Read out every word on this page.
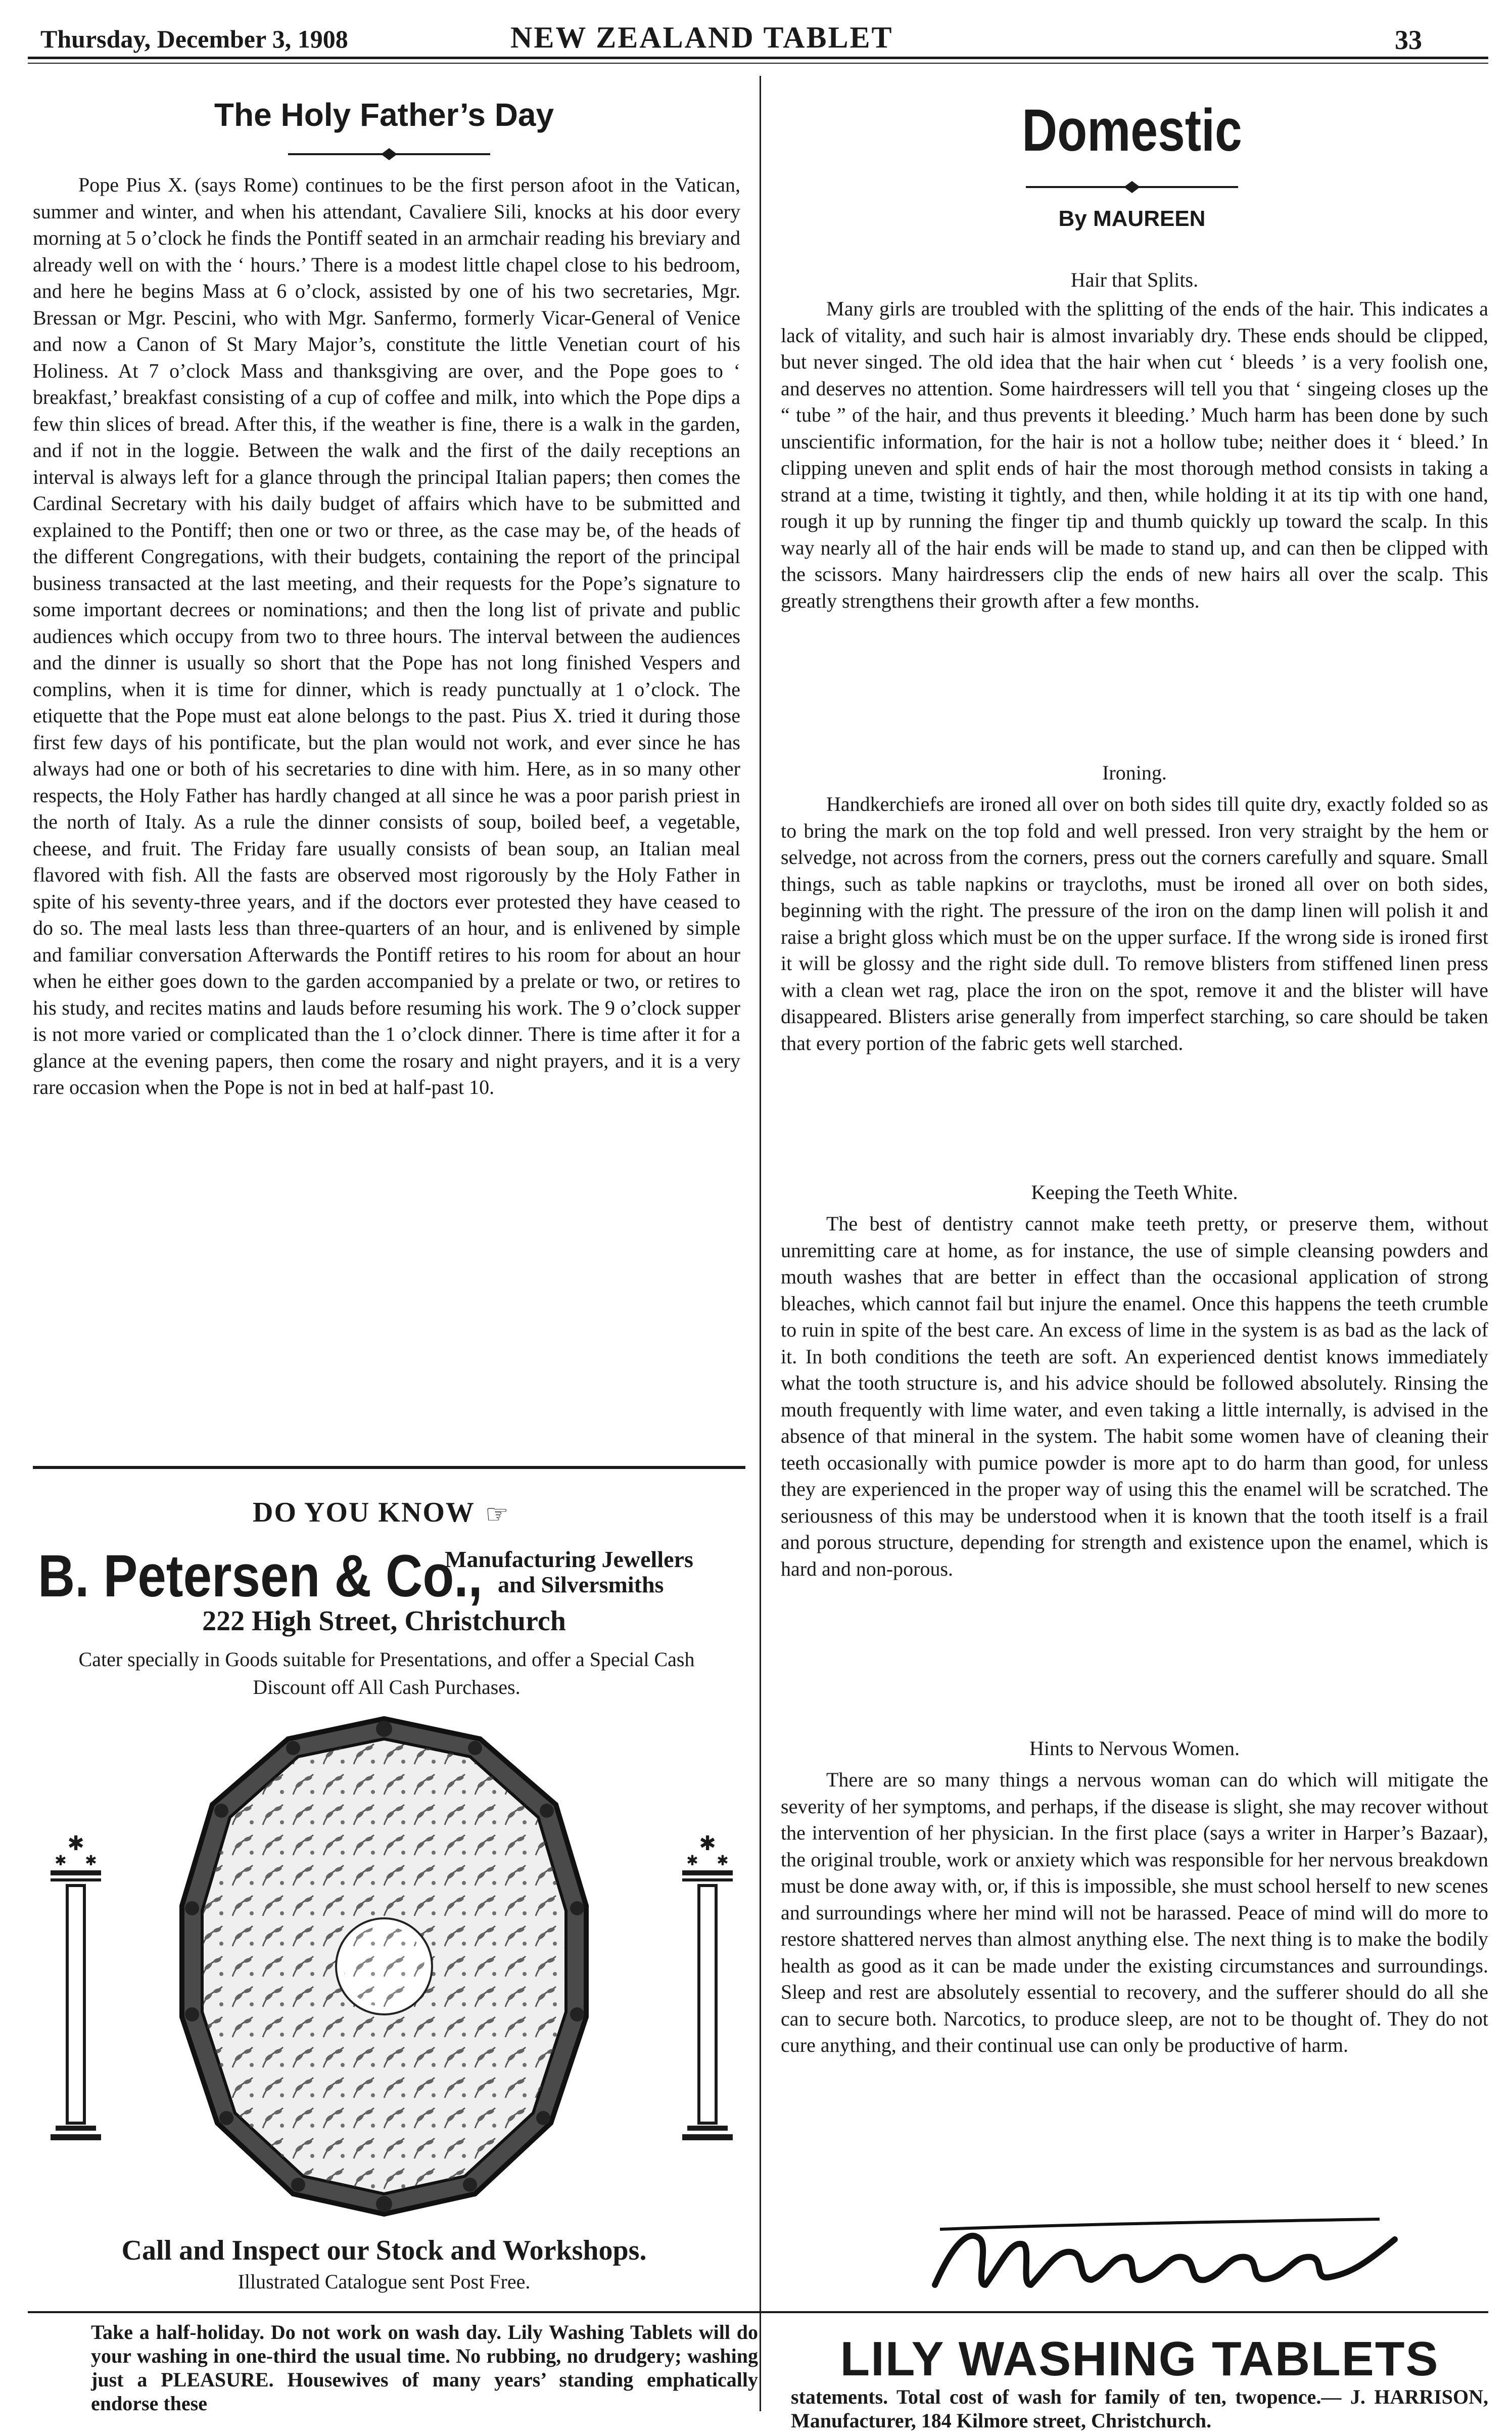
Thursday, December 3, 1908	NEW ZEALAND TABLET	33
The Holy Father’s Day

Pope Pius X. (says Rome) continues to be the first person afoot in the Vatican, summer and winter, and when his attendant, Cavaliere Sili, knocks at his door every morning at 5 o’clock he finds the Pontiff seated in an armchair reading his breviary and already well on with the ‘ hours.’ There is a modest little chapel close to his bedroom, and here he begins Mass at 6 o’clock, assisted by one of his two secretaries, Mgr. Bressan or Mgr. Pescini, who with Mgr. Sanfermo, formerly Vicar-General of Venice and now a Canon of St Mary Major’s, constitute the little Venetian court of his Holiness. At 7 o’clock Mass and thanksgiving are over, and the Pope goes to ‘ breakfast,’ breakfast consisting of a cup of coffee and milk, into which the Pope dips a few thin slices of bread. After this, if the weather is fine, there is a walk in the garden, and if not in the loggie. Between the walk and the first of the daily receptions an interval is always left for a glance through the principal Italian papers; then comes the Cardinal Secretary with his daily budget of affairs which have to be submitted and explained to the Pontiff; then one or two or three, as the case may be, of the heads of the different Congregations, with their budgets, containing the report of the principal business transacted at the last meeting, and their requests for the Pope’s signature to some important decrees or nominations; and then the long list of private and public audiences which occupy from two to three hours. The interval between the audiences and the dinner is usually so short that the Pope has not long finished Vespers and complins, when it is time for dinner, which is ready punctually at 1 o’clock. The etiquette that the Pope must eat alone belongs to the past. Pius X. tried it during those first few days of his pontificate, but the plan would not work, and ever since he has always had one or both of his secretaries to dine with him. Here, as in so many other respects, the Holy Father has hardly changed at all since he was a poor parish priest in the north of Italy. As a rule the dinner consists of soup, boiled beef, a vegetable, cheese, and fruit. The Friday fare usually consists of bean soup, an Italian meal flavored with fish. All the fasts are observed most rigorously by the Holy Father in spite of his seventy-three years, and if the doctors ever protested they have ceased to do so. The meal lasts less than three-quarters of an hour, and is enlivened by simple and familiar conversation Afterwards the Pontiff retires to his room for about an hour when he either goes down to the garden accompanied by a prelate or two, or retires to his study, and recites matins and lauds before resuming his work. The 9 o’clock supper is not more varied or complicated than the 1 o’clock dinner. There is time after it for a glance at the evening papers, then come the rosary and night prayers, and it is a very rare occasion when the Pope is not in bed at half-past 10.

DO YOU KNOW ☞
B. Petersen & Co.,
Manufacturing Jewellers
and Silversmiths
222 High Street, Christchurch
Cater specially in Goods suitable for Presentations, and offer a Special Cash Discount off All Cash Purchases.
✱
✱ ✱
✱
✱ ✱
Call and Inspect our Stock and Workshops.
Illustrated Catalogue sent Post Free.
Domestic
By MAUREEN
Hair that Splits.

Many girls are troubled with the splitting of the ends of the hair. This indicates a lack of vitality, and such hair is almost invariably dry. These ends should be clipped, but never singed. The old idea that the hair when cut ‘ bleeds ’ is a very foolish one, and deserves no attention. Some hairdressers will tell you that ‘ singeing closes up the “ tube ” of the hair, and thus prevents it bleeding.’ Much harm has been done by such unscientific information, for the hair is not a hollow tube; neither does it ‘ bleed.’ In clipping uneven and split ends of hair the most thorough method consists in taking a strand at a time, twisting it tightly, and then, while holding it at its tip with one hand, rough it up by running the finger tip and thumb quickly up toward the scalp. In this way nearly all of the hair ends will be made to stand up, and can then be clipped with the scissors. Many hairdressers clip the ends of new hairs all over the scalp. This greatly strengthens their growth after a few months.

Ironing.

Handkerchiefs are ironed all over on both sides till quite dry, exactly folded so as to bring the mark on the top fold and well pressed. Iron very straight by the hem or selvedge, not across from the corners, press out the corners carefully and square. Small things, such as table napkins or traycloths, must be ironed all over on both sides, beginning with the right. The pressure of the iron on the damp linen will polish it and raise a bright gloss which must be on the upper surface. If the wrong side is ironed first it will be glossy and the right side dull. To remove blisters from stiffened linen press with a clean wet rag, place the iron on the spot, remove it and the blister will have disappeared. Blisters arise generally from imperfect starching, so care should be taken that every portion of the fabric gets well starched.

Keeping the Teeth White.

The best of dentistry cannot make teeth pretty, or preserve them, without unremitting care at home, as for instance, the use of simple cleansing powders and mouth washes that are better in effect than the occasional application of strong bleaches, which cannot fail but injure the enamel. Once this happens the teeth crumble to ruin in spite of the best care. An excess of lime in the system is as bad as the lack of it. In both conditions the teeth are soft. An experienced dentist knows immediately what the tooth structure is, and his advice should be followed absolutely. Rinsing the mouth frequently with lime water, and even taking a little internally, is advised in the absence of that mineral in the system. The habit some women have of cleaning their teeth occasionally with pumice powder is more apt to do harm than good, for unless they are experienced in the proper way of using this the enamel will be scratched. The seriousness of this may be understood when it is known that the tooth itself is a frail and porous structure, depending for strength and existence upon the enamel, which is hard and non-porous.

Hints to Nervous Women.

There are so many things a nervous woman can do which will mitigate the severity of her symptoms, and perhaps, if the disease is slight, she may recover without the intervention of her physician. In the first place (says a writer in Harper’s Bazaar), the original trouble, work or anxiety which was responsible for her nervous breakdown must be done away with, or, if this is impossible, she must school herself to new scenes and surroundings where her mind will not be harassed. Peace of mind will do more to restore shattered nerves than almost anything else. The next thing is to make the bodily health as good as it can be made under the existing circumstances and surroundings. Sleep and rest are absolutely essential to recovery, and the sufferer should do all she can to secure both. Narcotics, to produce sleep, are not to be thought of. They do not cure anything, and their continual use can only be productive of harm.

Take a half-holiday. Do not work on wash day. Lily Washing Tablets will do your washing in one-third the usual time. No rubbing, no drudgery; washing just a PLEASURE. Housewives of many years’ standing emphatically endorse these
LILY WASHING TABLETS
statements. Total cost of wash for family of ten, twopence.— J. HARRISON, Manufacturer, 184 Kilmore street, Christchurch.
